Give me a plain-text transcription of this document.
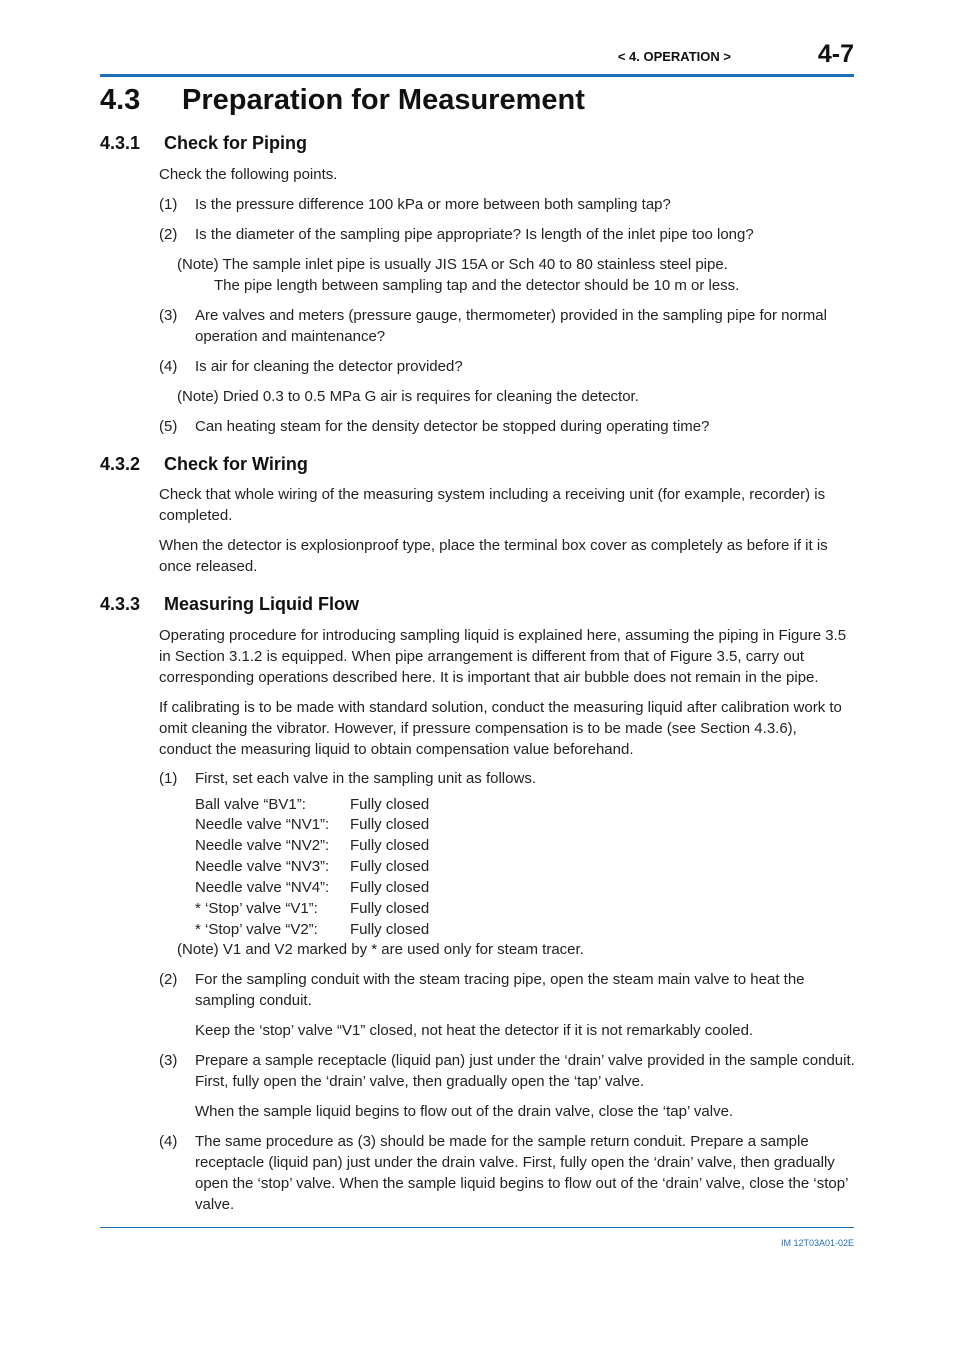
< 4. OPERATION >	4-7
4.3 Preparation for Measurement
4.3.1 Check for Piping
Check the following points.
(1) Is the pressure difference 100 kPa or more between both sampling tap?
(2) Is the diameter of the sampling pipe appropriate? Is length of the inlet pipe too long?
(Note) The sample inlet pipe is usually JIS 15A or Sch 40 to 80 stainless steel pipe.
The pipe length between sampling tap and the detector should be 10 m or less.
(3) Are valves and meters (pressure gauge, thermometer) provided in the sampling pipe for normal operation and maintenance?
(4) Is air for cleaning the detector provided?
(Note) Dried 0.3 to 0.5 MPa G air is requires for cleaning the detector.
(5) Can heating steam for the density detector be stopped during operating time?
4.3.2 Check for Wiring
Check that whole wiring of the measuring system including a receiving unit (for example, recorder) is completed.
When the detector is explosionproof type, place the terminal box cover as completely as before if it is once released.
4.3.3 Measuring Liquid Flow
Operating procedure for introducing sampling liquid is explained here, assuming the piping in Figure 3.5 in Section 3.1.2 is equipped. When pipe arrangement is different from that of Figure 3.5, carry out corresponding operations described here. It is important that air bubble does not remain in the pipe.
If calibrating is to be made with standard solution, conduct the measuring liquid after calibration work to omit cleaning the vibrator. However, if pressure compensation is to be made (see Section 4.3.6), conduct the measuring liquid to obtain compensation value beforehand.
(1) First, set each valve in the sampling unit as follows.
Ball valve “BV1”:	Fully closed
Needle valve “NV1”: Fully closed
Needle valve “NV2”: Fully closed
Needle valve “NV3”: Fully closed
Needle valve “NV4”: Fully closed
* ‘Stop’ valve “V1”: Fully closed
* ‘Stop’ valve “V2”: Fully closed
(Note) V1 and V2 marked by * are used only for steam tracer.
(2) For the sampling conduit with the steam tracing pipe, open the steam main valve to heat the sampling conduit.
Keep the ‘stop’ valve “V1” closed, not heat the detector if it is not remarkably cooled.
(3) Prepare a sample receptacle (liquid pan) just under the ‘drain’ valve provided in the sample conduit. First, fully open the ‘drain’ valve, then gradually open the ‘tap’ valve.
When the sample liquid begins to flow out of the drain valve, close the ‘tap’ valve.
(4) The same procedure as (3) should be made for the sample return conduit. Prepare a sample receptacle (liquid pan) just under the drain valve. First, fully open the ‘drain’ valve, then gradually open the ‘stop’ valve. When the sample liquid begins to flow out of the ‘drain’ valve, close the ‘stop’ valve.
IM 12T03A01-02E
